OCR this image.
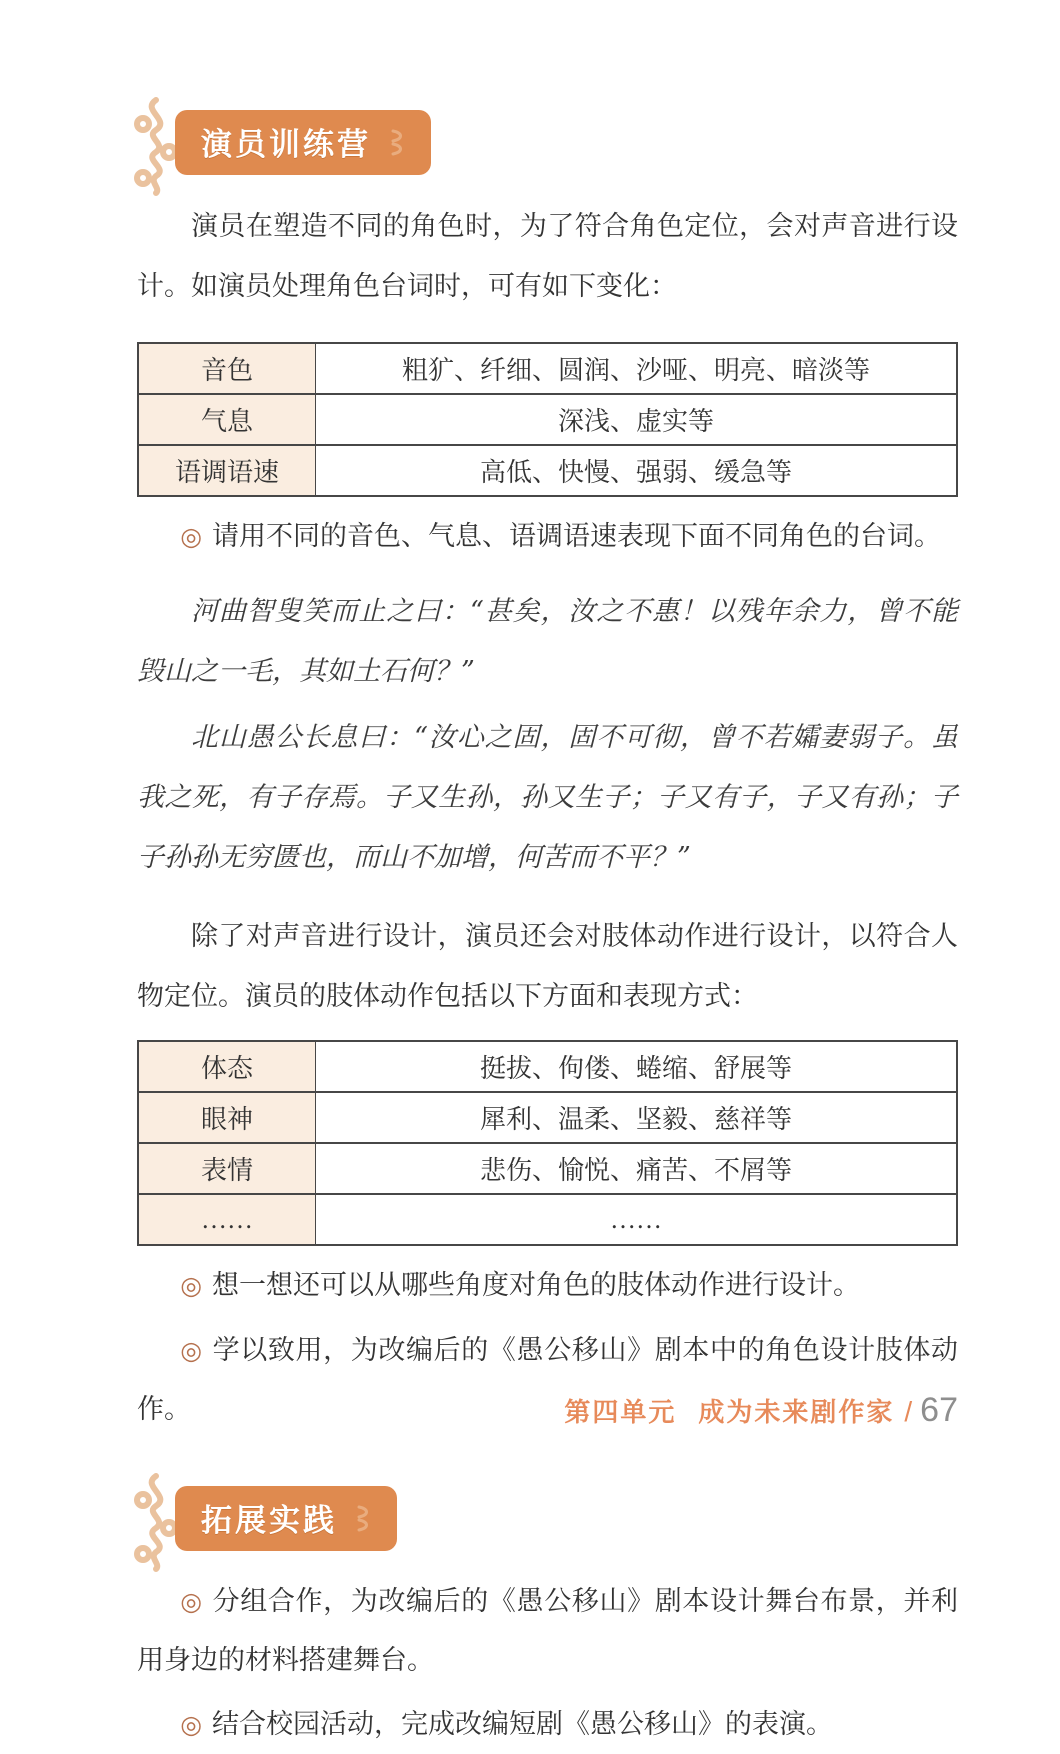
演员训练营

演员在塑造不同的角色时，为了符合角色定位，会对声音进行设计。如演员处理角色台词时，可有如下变化：

音色	粗犷、纤细、圆润、沙哑、明亮、暗淡等
气息	深浅、虚实等
语调语速	高低、快慢、强弱、缓急等

◎ 请用不同的音色、气息、语调语速表现下面不同角色的台词。

河曲智叟笑而止之曰：“甚矣，汝之不惠！以残年余力，曾不能毁山之一毛，其如土石何？”

北山愚公长息曰：“汝心之固，固不可彻，曾不若孀妻弱子。虽我之死，有子存焉。子又生孙，孙又生子；子又有子，子又有孙；子子孙孙无穷匮也，而山不加增，何苦而不平？”

除了对声音进行设计，演员还会对肢体动作进行设计，以符合人物定位。演员的肢体动作包括以下方面和表现方式：

体态	挺拔、佝偻、蜷缩、舒展等
眼神	犀利、温柔、坚毅、慈祥等
表情	悲伤、愉悦、痛苦、不屑等
……	……

◎ 想一想还可以从哪些角度对角色的肢体动作进行设计。

◎ 学以致用，为改编后的《愚公移山》剧本中的角色设计肢体动作。

拓展实践

◎ 分组合作，为改编后的《愚公移山》剧本设计舞台布景，并利用身边的材料搭建舞台。

◎ 结合校园活动，完成改编短剧《愚公移山》的表演。

第四单元 成为未来剧作家 / 67
